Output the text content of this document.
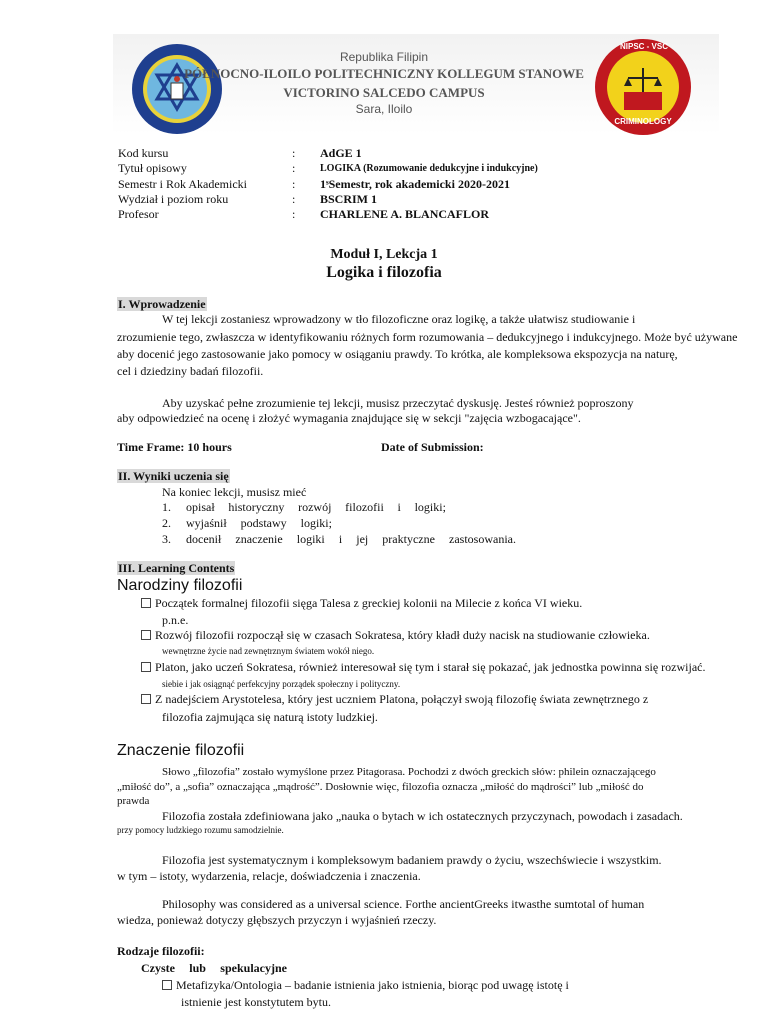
NIPSC - VSC
CRIMINOLOGY
Republika Filipin
PÓŁNOCNO-ILOILO POLITECHNICZNY KOLLEGUM STANOWE
VICTORINO SALCEDO CAMPUS
Sara, Iloilo
Kod kursu	: AdGE 1
Tytuł opisowy	: LOGIKA (Rozumowanie dedukcyjne i indukcyjne)
Semestr i Rok Akademicki	: 1ˢSemestr, rok akademicki 2020-2021
Wydział i poziom roku	: BSCRIM 1
Profesor	: CHARLENE A. BLANCAFLOR
Moduł I, Lekcja 1
Logika i filozofia
I. Wprowadzenie
W tej lekcji zostaniesz wprowadzony w tło filozoficzne oraz logikę, a także ułatwisz studiowanie i
zrozumienie tego, zwłaszcza w identyfikowaniu różnych form rozumowania – dedukcyjnego i indukcyjnego. Może być używane
aby docenić jego zastosowanie jako pomocy w osiąganiu prawdy. To krótka, ale kompleksowa ekspozycja na naturę,
cel i dziedziny badań filozofii.
Aby uzyskać pełne zrozumienie tej lekcji, musisz przeczytać dyskusję. Jesteś również poproszony
aby odpowiedzieć na ocenę i złożyć wymagania znajdujące się w sekcji "zajęcia wzbogacające".
Time Frame: 10 hours	Date of Submission:
II. Wyniki uczenia się
Na koniec lekcji, musisz mieć
1. opisał historyczny rozwój filozofii i logiki;
2. wyjaśnił podstawy logiki;
3. docenił znaczenie logiki i jej praktyczne zastosowania.
III. Learning Contents
Narodziny filozofii
Początek formalnej filozofii sięga Talesa z greckiej kolonii na Milecie z końca VI wieku.
p.n.e.
Rozwój filozofii rozpoczął się w czasach Sokratesa, który kładł duży nacisk na studiowanie człowieka.
wewnętrzne życie nad zewnętrznym światem wokół niego.
Platon, jako uczeń Sokratesa, również interesował się tym i starał się pokazać, jak jednostka powinna się rozwijać.
siebie i jak osiągnąć perfekcyjny porządek społeczny i polityczny.
Z nadejściem Arystotelesa, który jest uczniem Platona, połączył swoją filozofię świata zewnętrznego z
filozofia zajmująca się naturą istoty ludzkiej.
Znaczenie filozofii
Słowo „filozofia” zostało wymyślone przez Pitagorasa. Pochodzi z dwóch greckich słów: philein oznaczającego
„miłość do”, a „sofia” oznaczająca „mądrość”. Dosłownie więc, filozofia oznacza „miłość do mądrości” lub „miłość do
prawda
Filozofia została zdefiniowana jako „nauka o bytach w ich ostatecznych przyczynach, powodach i zasadach.
przy pomocy ludzkiego rozumu samodzielnie.
Filozofia jest systematycznym i kompleksowym badaniem prawdy o życiu, wszechświecie i wszystkim.
w tym – istoty, wydarzenia, relacje, doświadczenia i znaczenia.
Philosophy was considered as a universal science. Forthe ancientGreeks itwasthe sumtotal of human
wiedza, ponieważ dotyczy głębszych przyczyn i wyjaśnień rzeczy.
Rodzaje filozofii:
Czyste lub spekulacyjne
Metafizyka/Ontologia – badanie istnienia jako istnienia, biorąc pod uwagę istotę i
istnienie jest konstytutem bytu.
